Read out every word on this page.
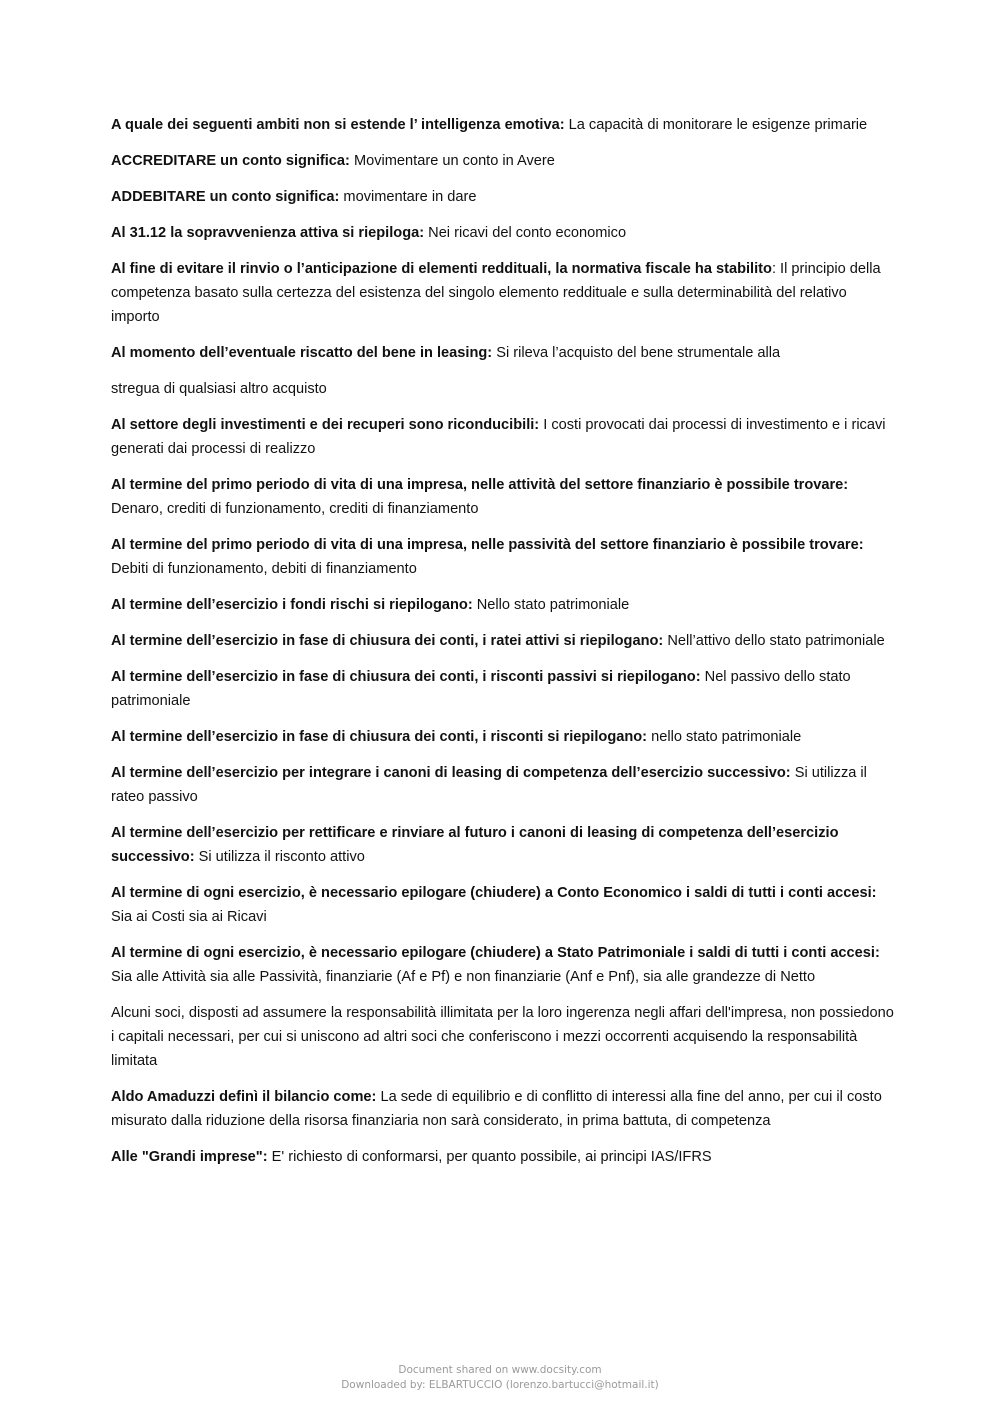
A quale dei seguenti ambiti non si estende l’ intelligenza emotiva: La capacità di monitorare le esigenze primarie

ACCREDITARE un conto significa: Movimentare un conto in Avere

ADDEBITARE un conto significa: movimentare in dare

Al 31.12 la sopravvenienza attiva si riepiloga: Nei ricavi del conto economico

Al fine di evitare il rinvio o l’anticipazione di elementi reddituali, la normativa fiscale ha stabilito: Il principio della competenza basato sulla certezza del esistenza del singolo elemento reddituale e sulla determinabilità del relativo importo

Al momento dell’eventuale riscatto del bene in leasing: Si rileva l’acquisto del bene strumentale alla

stregua di qualsiasi altro acquisto

Al settore degli investimenti e dei recuperi sono riconducibili: I costi provocati dai processi di investimento e i ricavi generati dai processi di realizzo

Al termine del primo periodo di vita di una impresa, nelle attività del settore finanziario è possibile trovare: Denaro, crediti di funzionamento, crediti di finanziamento

Al termine del primo periodo di vita di una impresa, nelle passività del settore finanziario è possibile trovare: Debiti di funzionamento, debiti di finanziamento

Al termine dell’esercizio i fondi rischi si riepilogano: Nello stato patrimoniale

Al termine dell’esercizio in fase di chiusura dei conti, i ratei attivi si riepilogano: Nell’attivo dello stato patrimoniale

Al termine dell’esercizio in fase di chiusura dei conti, i risconti passivi si riepilogano: Nel passivo dello stato patrimoniale

Al termine dell’esercizio in fase di chiusura dei conti, i risconti si riepilogano: nello stato patrimoniale

Al termine dell’esercizio per integrare i canoni di leasing di competenza dell’esercizio successivo: Si utilizza il rateo passivo

Al termine dell’esercizio per rettificare e rinviare al futuro i canoni di leasing di competenza dell’esercizio successivo: Si utilizza il risconto attivo

Al termine di ogni esercizio, è necessario epilogare (chiudere) a Conto Economico i saldi di tutti i conti accesi: Sia ai Costi sia ai Ricavi

Al termine di ogni esercizio, è necessario epilogare (chiudere) a Stato Patrimoniale i saldi di tutti i conti accesi: Sia alle Attività sia alle Passività, finanziarie (Af e Pf) e non finanziarie (Anf e Pnf), sia alle grandezze di Netto

Alcuni soci, disposti ad assumere la responsabilità illimitata per la loro ingerenza negli affari dell'impresa, non possiedono i capitali necessari, per cui si uniscono ad altri soci che conferiscono i mezzi occorrenti acquisendo la responsabilità limitata

Aldo Amaduzzi definì il bilancio come: La sede di equilibrio e di conflitto di interessi alla fine del anno, per cui il costo misurato dalla riduzione della risorsa finanziaria non sarà considerato, in prima battuta, di competenza

Alle "Grandi imprese": E' richiesto di conformarsi, per quanto possibile, ai principi IAS/IFRS

Document shared on www.docsity.com
Downloaded by: ELBARTUCCIO (lorenzo.bartucci@hotmail.it)
